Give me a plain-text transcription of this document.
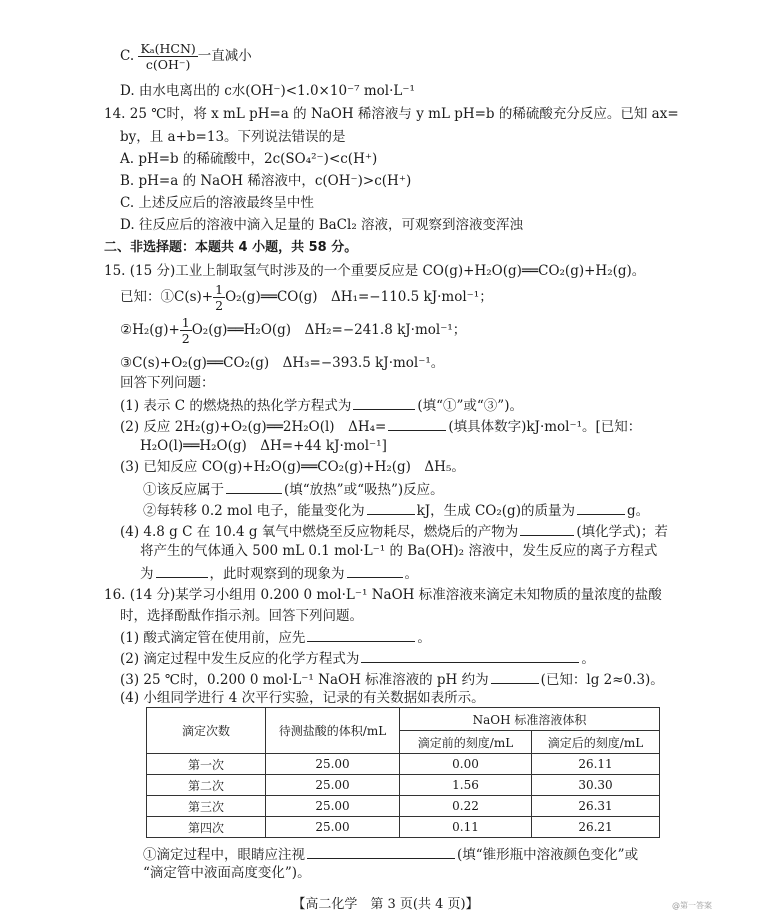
C. $\frac{\text{Kₐ(HCN)}}{c(OH^-)}$ 一直减小
D. 由水电离出的 c水(OH⁻)<1.0×10⁻⁷ mol·L⁻¹
14. 25 ℃时，将 x mL pH=a 的 NaOH 稀溶液与 y mL pH=b 的稀硫酸充分反应。已知 ax=
by，且 a+b=13。下列说法错误的是
A. pH=b 的稀硫酸中，2c(SO₄²⁻)<c(H⁺)
B. pH=a 的 NaOH 稀溶液中，c(OH⁻)>c(H⁺)
C. 上述反应后的溶液最终呈中性
D. 往反应后的溶液中滴入足量的 BaCl₂ 溶液，可观察到溶液变浑浊
二、非选择题：本题共 4 小题，共 58 分。
15. (15 分)工业上制取氢气时涉及的一个重要反应是 CO(g)+H₂O(g)══CO₂(g)+H₂(g)。
已知：①C(s)+ $\frac{1}{2}$ O₂(g)══CO(g)　ΔH₁=−110.5 kJ·mol⁻¹；
②H₂(g)+ $\frac{1}{2}$ O₂(g)══H₂O(g)　ΔH₂=−241.8 kJ·mol⁻¹；
③C(s)+O₂(g)══CO₂(g)　ΔH₃=−393.5 kJ·mol⁻¹。
回答下列问题：
(1) 表示 C 的燃烧热的热化学方程式为	(填“①”或“③”)。
(2) 反应 2H₂(g)+O₂(g)══2H₂O(l)　ΔH₄=	(填具体数字)kJ·mol⁻¹。[已知：
H₂O(l)══H₂O(g)　ΔH=+44 kJ·mol⁻¹]
(3) 已知反应 CO(g)+H₂O(g)══CO₂(g)+H₂(g)　ΔH₅。
①该反应属于	(填“放热”或“吸热”)反应。
②每转移 0.2 mol 电子，能量变化为	kJ，生成 CO₂(g)的质量为	g。
(4) 4.8 g C 在 10.4 g 氧气中燃烧至反应物耗尽，燃烧后的产物为	(填化学式)；若
将产生的气体通入 500 mL 0.1 mol·L⁻¹ 的 Ba(OH)₂ 溶液中，发生反应的离子方程式
为	，此时观察到的现象为	。
16. (14 分)某学习小组用 0.200 0 mol·L⁻¹ NaOH 标准溶液来滴定未知物质的量浓度的盐酸
时，选择酚酞作指示剂。回答下列问题。
(1) 酸式滴定管在使用前，应先	。
(2) 滴定过程中发生反应的化学方程式为	。
(3) 25 ℃时，0.200 0 mol·L⁻¹ NaOH 标准溶液的 pH 约为	(已知：lg 2≈0.3)。
(4) 小组同学进行 4 次平行实验，记录的有关数据如表所示。
滴定次数	待测盐酸的体积/mL	NaOH 标准溶液体积	
		滴定前的刻度/mL	滴定后的刻度/mL
第一次	25.00	0.00	26.11
第二次	25.00	1.56	30.30
第三次	25.00	0.22	26.31
第四次	25.00	0.11	26.21
①滴定过程中，眼睛应注视	(填“锥形瓶中溶液颜色变化”或
“滴定管中液面高度变化”)。
【高二化学　第 3 页(共 4 页)】	@第一答案
